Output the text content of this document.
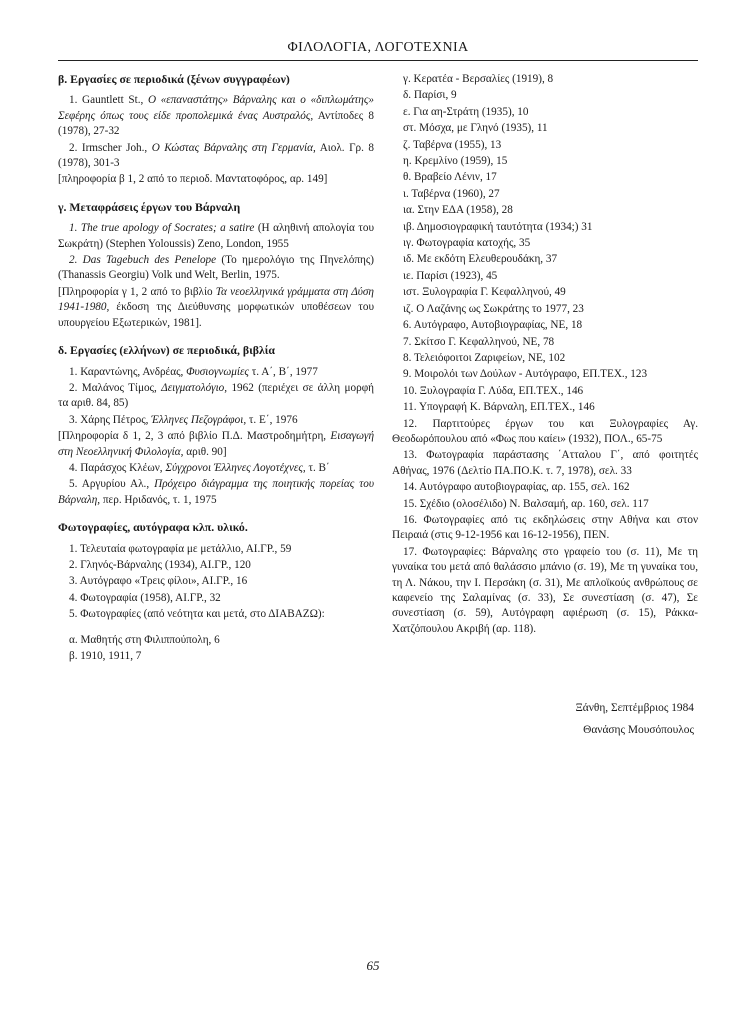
ΦΙΛΟΛΟΓΙΑ, ΛΟΓΟΤΕΧΝΙΑ
β. Εργασίες σε περιοδικά (ξένων συγγραφέων)

1. Gauntlett St., Ο «επαναστάτης» Βάρναλης και ο «διπλωμάτης» Σεφέρης όπως τους είδε προπολεμικά ένας Αυστραλός, Αντίποδες 8 (1978), 27-32

2. Irmscher Joh., Ο Κώστας Βάρναλης στη Γερμανία, Αιολ. Γρ. 8 (1978), 301-3

[πληροφορία β 1, 2 από το περιοδ. Μαντατοφόρος, αρ. 149]

γ. Μεταφράσεις έργων του Βάρναλη

1. The true apology of Socrates; a satire (Η αληθινή απολογία του Σωκράτη) (Stephen Yoloussis) Zeno, London, 1955

2. Das Tagebuch des Penelope (Το ημερολόγιο της Πηνελόπης) (Thanassis Georgiu) Volk und Welt, Berlin, 1975.

[Πληροφορία γ 1, 2 από το βιβλίο Τα νεοελληνικά γράμματα στη Δύση 1941-1980, έκδοση της Διεύθυνσης μορφωτικών υποθέσεων του υπουργείου Εξωτερικών, 1981].

δ. Εργασίες (ελλήνων) σε περιοδικά, βιβλία

1. Καραντώνης, Ανδρέας, Φυσιογνωμίες τ. Α΄, Β΄, 1977

2. Μαλάνος Τίμος, Δειγματολόγιο, 1962 (περιέχει σε άλλη μορφή τα αριθ. 84, 85)

3. Χάρης Πέτρος, Έλληνες Πεζογράφοι, τ. Ε΄, 1976

[Πληροφορία δ 1, 2, 3 από βιβλίο Π.Δ. Μαστροδημήτρη, Εισαγωγή στη Νεοελληνική Φιλολογία, αριθ. 90]

4. Παράσχος Κλέων, Σύγχρονοι Έλληνες Λογοτέχνες, τ. Β΄

5. Αργυρίου Αλ., Πρόχειρο διάγραμμα της ποιητικής πορείας του Βάρναλη, περ. Ηριδανός, τ. 1, 1975

Φωτογραφίες, αυτόγραφα κλπ. υλικό.

1. Τελευταία φωτογραφία με μετάλλιο, ΑΙ.ΓΡ., 59

2. Γληνός-Βάρναλης (1934), ΑΙ.ΓΡ., 120

3. Αυτόγραφο «Τρεις φίλοι», ΑΙ.ΓΡ., 16

4. Φωτογραφία (1958), ΑΙ.ΓΡ., 32

5. Φωτογραφίες (από νεότητα και μετά, στο ΔΙΑΒΑΖΩ):

α. Μαθητής στη Φιλιππούπολη, 6

β. 1910, 1911, 7

γ. Κερατέα - Βερσαλίες (1919), 8

δ. Παρίσι, 9

ε. Για αη-Στράτη (1935), 10

στ. Μόσχα, με Γληνό (1935), 11

ζ. Ταβέρνα (1955), 13

η. Κρεμλίνο (1959), 15

θ. Βραβείο Λένιν, 17

ι. Ταβέρνα (1960), 27

ια. Στην ΕΔΑ (1958), 28

ιβ. Δημοσιογραφική ταυτότητα (1934;) 31

ιγ. Φωτογραφία κατοχής, 35

ιδ. Με εκδότη Ελευθερουδάκη, 37

ιε. Παρίσι (1923), 45

ιστ. Ξυλογραφία Γ. Κεφαλληνού, 49

ιζ. Ο Λαζάνης ως Σωκράτης το 1977, 23

6. Αυτόγραφο, Αυτοβιογραφίας, ΝΕ, 18

7. Σκίτσο Γ. Κεφαλληνού, ΝΕ, 78

8. Τελειόφοιτοι Ζαριφείων, ΝΕ, 102

9. Μοιρολόι των Δούλων - Αυτόγραφο, ΕΠ.ΤΕΧ., 123

10. Ξυλογραφία Γ. Λύδα, ΕΠ.ΤΕΧ., 146

11. Υπογραφή Κ. Βάρναλη, ΕΠ.ΤΕΧ., 146

12. Παρτιτούρες έργων του και Ξυλογραφίες Αγ. Θεοδωρόπουλου από «Φως που καίει» (1932), ΠΟΛ., 65-75

13. Φωτογραφία παράστασης ΄Ατταλου Γ΄, από φοιτητές Αθήνας, 1976 (Δελτίο ΠΑ.ΠΟ.Κ. τ. 7, 1978), σελ. 33

14. Αυτόγραφο αυτοβιογραφίας, αρ. 155, σελ. 162

15. Σχέδιο (ολοσέλιδο) Ν. Βαλσαμή, αρ. 160, σελ. 117

16. Φωτογραφίες από τις εκδηλώσεις στην Αθήνα και στον Πειραιά (στις 9-12-1956 και 16-12-1956), ΠΕΝ.

17. Φωτογραφίες: Βάρναλης στο γραφείο του (σ. 11), Με τη γυναίκα του μετά από θαλάσσιο μπάνιο (σ. 19), Με τη γυναίκα του, τη Λ. Νάκου, την Ι. Περσάκη (σ. 31), Με απλοϊκούς ανθρώπους σε καφενείο της Σαλαμίνας (σ. 33), Σε συνεστίαση (σ. 47), Σε συνεστίαση (σ. 59), Αυτόγραφη αφιέρωση (σ. 15), Ράκκα-Χατζόπουλου Ακριβή (αρ. 118).

Ξάνθη, Σεπτέμβριος 1984
Θανάσης Μουσόπουλος
65
